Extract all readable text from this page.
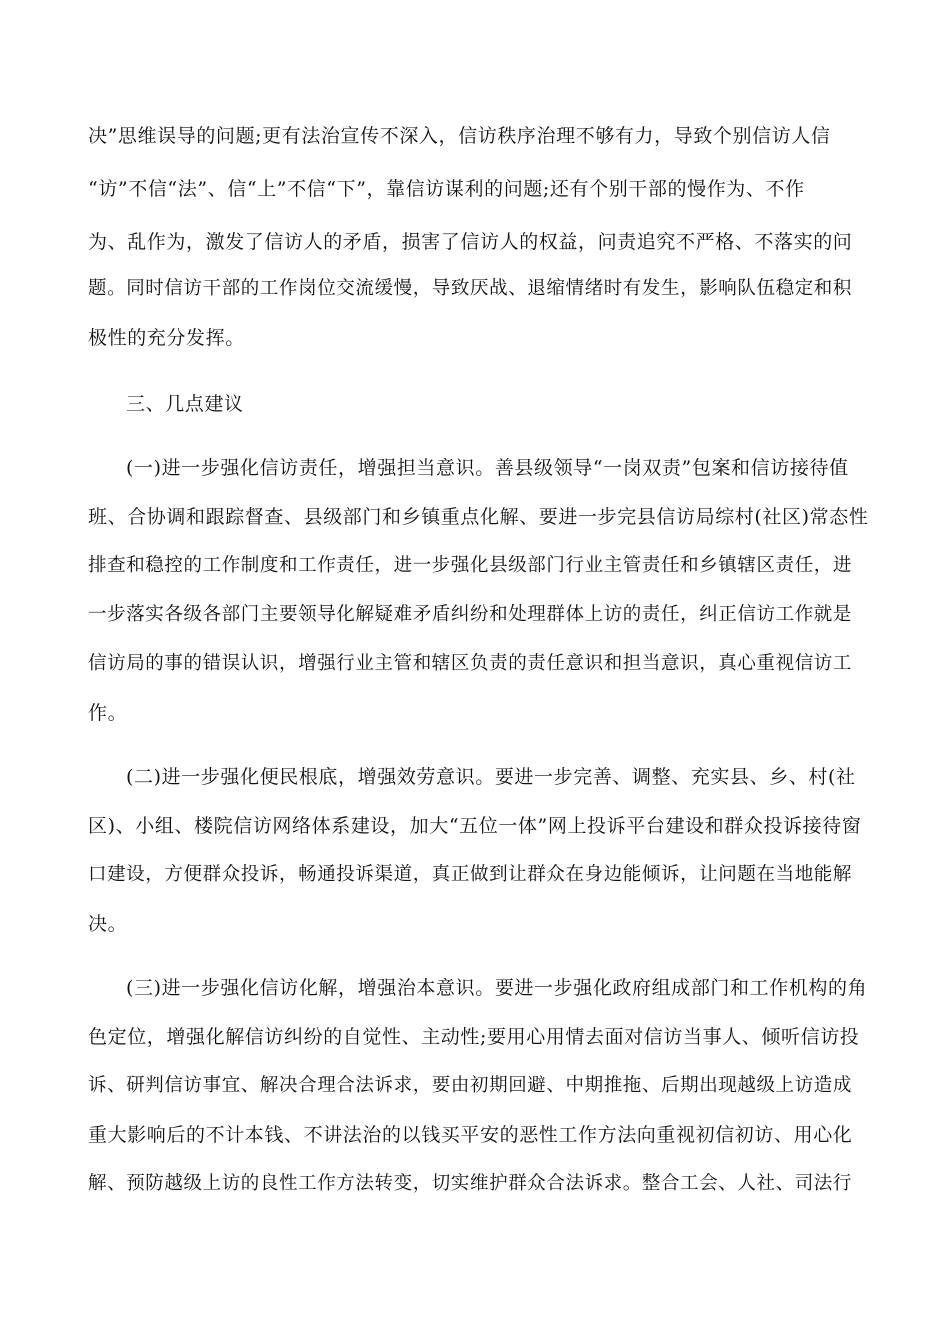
决”思维误导的问题;更有法治宣传不深入，信访秩序治理不够有力，导致个别信访人信
“访”不信“法”、信“上”不信“下”，靠信访谋利的问题;还有个别干部的慢作为、不作
为、乱作为，激发了信访人的矛盾，损害了信访人的权益，问责追究不严格、不落实的问
题。同时信访干部的工作岗位交流缓慢，导致厌战、退缩情绪时有发生，影响队伍稳定和积
极性的充分发挥。
三、几点建议
(一)进一步强化信访责任，增强担当意识。善县级领导“一岗双责”包案和信访接待值
班、合协调和跟踪督查、县级部门和乡镇重点化解、要进一步完县信访局综村(社区)常态性
排查和稳控的工作制度和工作责任，进一步强化县级部门行业主管责任和乡镇辖区责任，进
一步落实各级各部门主要领导化解疑难矛盾纠纷和处理群体上访的责任，纠正信访工作就是
信访局的事的错误认识，增强行业主管和辖区负责的责任意识和担当意识，真心重视信访工
作。
(二)进一步强化便民根底，增强效劳意识。要进一步完善、调整、充实县、乡、村(社
区)、小组、楼院信访网络体系建设，加大“五位一体”网上投诉平台建设和群众投诉接待窗
口建设，方便群众投诉，畅通投诉渠道，真正做到让群众在身边能倾诉，让问题在当地能解
决。
(三)进一步强化信访化解，增强治本意识。要进一步强化政府组成部门和工作机构的角
色定位，增强化解信访纠纷的自觉性、主动性;要用心用情去面对信访当事人、倾听信访投
诉、研判信访事宜、解决合理合法诉求，要由初期回避、中期推拖、后期出现越级上访造成
重大影响后的不计本钱、不讲法治的以钱买平安的恶性工作方法向重视初信初访、用心化
解、预防越级上访的良性工作方法转变，切实维护群众合法诉求。整合工会、人社、司法行
